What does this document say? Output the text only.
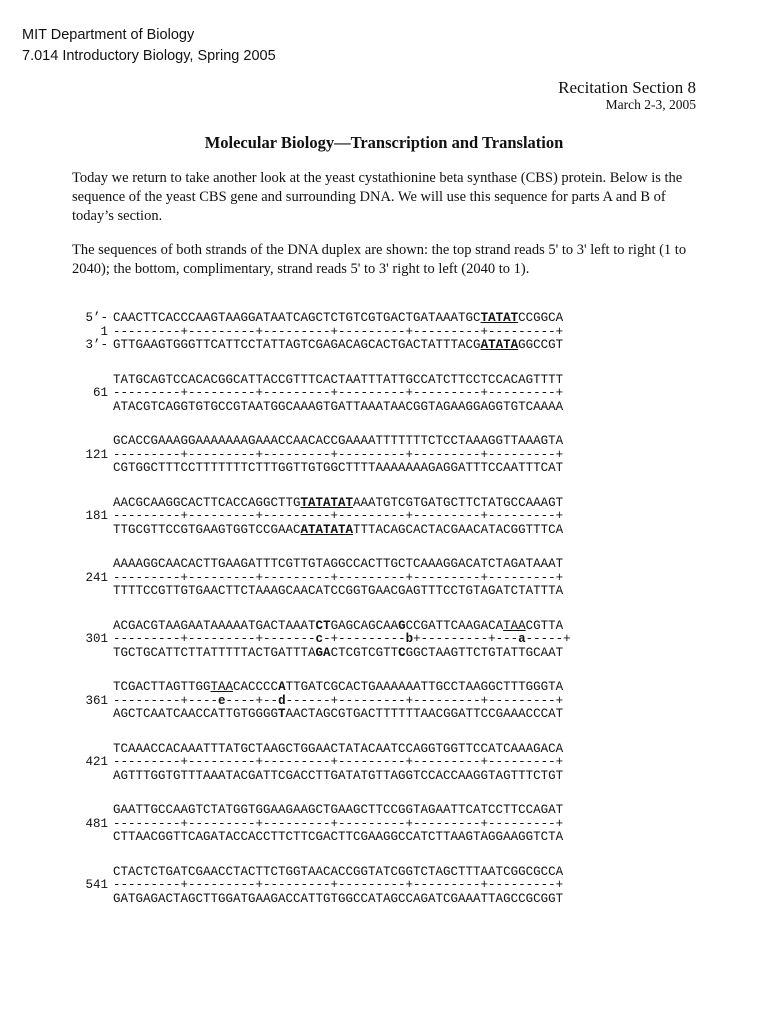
MIT Department of Biology
7.014 Introductory Biology, Spring 2005
Recitation Section 8
March 2-3, 2005
Molecular Biology—Transcription and Translation
Today we return to take another look at the yeast cystathionine beta synthase (CBS) protein. Below is the sequence of the yeast CBS gene and surrounding DNA. We will use this sequence for parts A and B of today’s section.
The sequences of both strands of the DNA duplex are shown: the top strand reads 5' to 3' left to right (1 to 2040); the bottom, complimentary, strand reads 5' to 3' right to left (2040 to 1).
5’- CAACTTCACCCAAGTAAGGATAATCAGCTCTGTCGTGACTGATAAATGCTATATCCGGCA
1 ---------+---------+---------+---------+---------+---------+
3’- GTTGAAGTGGGTTCATTCCTATTAGTCGAGACAGCACTGACTATTTACGATATAGGCCGT
TATGCAGTCCACACGGCATTACCGTTTCACTAATTTATTGCCATCTTCCTCCACAGTTTT
61 ---------+---------+---------+---------+---------+---------+
ATACGTCAGGTGTGCCGTAATGGCAAAGTGATTAAATAACGGTAGAAGGAGGTGTCAAAA
GCACCGAAAGGAAAAAAAGAAACCAACACCGAAAATTTTTTTCTCCTAAAGGTTAAAGTA
121 ---------+---------+---------+---------+---------+---------+
CGTGGCTTTCCTTTTTTTCTTTGGTTGTGGCTTTTAAAAAAAGAGGATTTCCAATTTCAT
AACGCAAGGCACTTCACCAGGCTTGTATATATAAATGTCGTGATGCTTCTATGCCAAAGT
181 ---------+---------+---------+---------+---------+---------+
TTGCGTTCCGTGAAGTGGTCCGAACATATATATTTACAGCACTACGAACATACGGTTTCA
AAAAGGCAACACTTGAAGATTTCGTTGTAGGCCACTTGCTCAAAGGACATCTAGATAAAT
241 ---------+---------+---------+---------+---------+---------+
TTTTCCGTTGTGAACTTCTAAAGCAACATCCGGTGAACGAGTTTCCTGTAGATCTATTTA
ACGACGTAAGAATAAAAATGACTAAATCTGAGCAGCAAGCCGATTCAAGACATAACGTTA
301 ---------+---------+-------c-+---------b+---------+---a-----+
TGCTGCATTCTTATTTTTACTGATTTAGACTCGTCGTTCGGCTAAGTTCTGTATTGCAAT
TCGACTTAGTTGGTAACACCCCATTGATCGCACTGAAAAAATTGCCTAAGGCTTTGGGTA
361 ---------+----e----+--d------+---------+---------+---------+
AGCTCAATCAACCATTGTGGGGTAACTAGCGTGACTTTTTTAACGGATTCCGAAACCCAT
TCAAACCACAAATTTATGCTAAGCTGGAACTATACAATCCAGGTGGTTCCATCAAAGACA
421 ---------+---------+---------+---------+---------+---------+
AGTTTGGTGTTTAAATACGATTCGACCTTGATATGTTAGGTCCACCAAGGTAGTTTCTGT
GAATTGCCAAGTCTATGGTGGAAGAAGCTGAAGCTTCCGGTAGAATTCATCCTTCCAGAT
481 ---------+---------+---------+---------+---------+---------+
CTTAACGGTTCAGATACCACCTTCTTCGACTTCGAAGGCCATCTTAAGTAGGAAGGTCTA
CTACTCTGATCGAACCTACTTCTGGTAACACCGGTATCGGTCTAGCTTTAATCGGCGCCA
541 ---------+---------+---------+---------+---------+---------+
GATGAGACTAGCTTGGATGAAGACCATTGTGGCCATAGCCAGATCGAAATTAGCCGCGGT
